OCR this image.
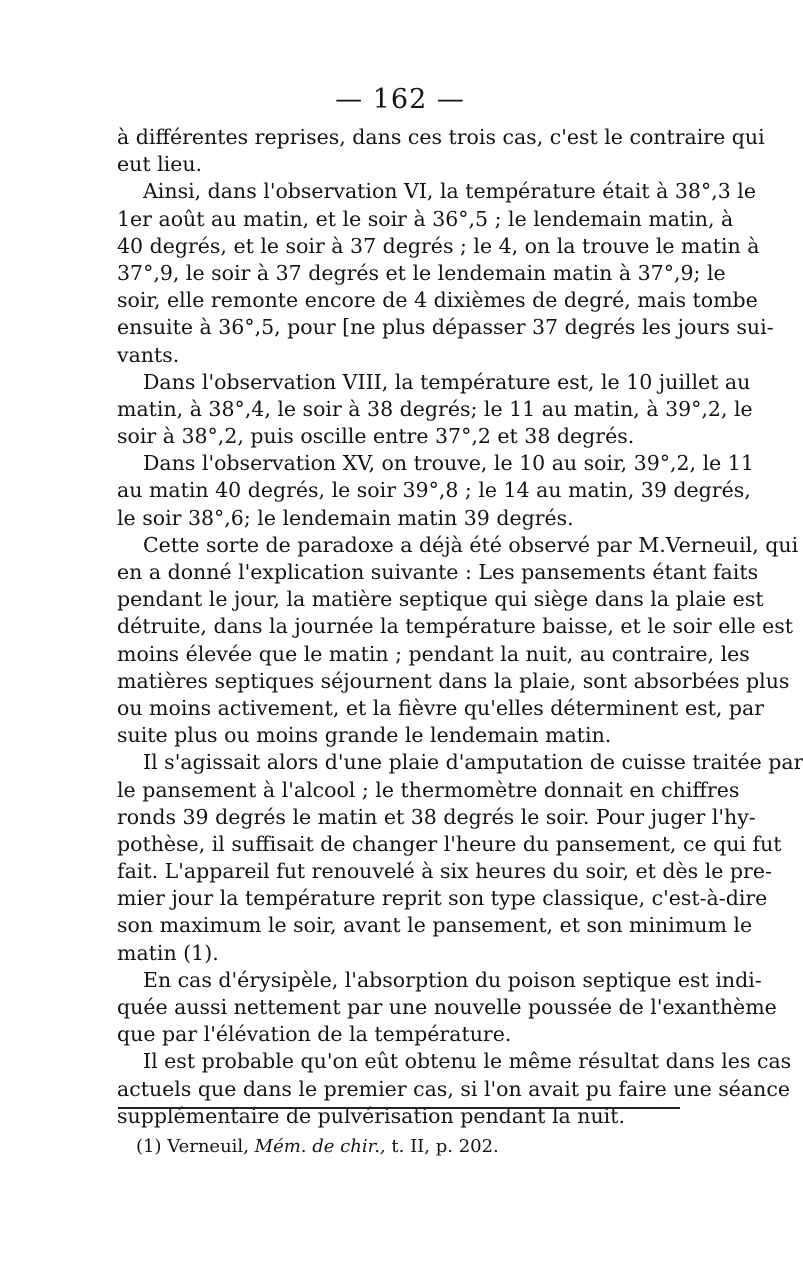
— 162 —
à différentes reprises, dans ces trois cas, c'est le contraire qui
eut lieu.
Ainsi, dans l'observation VI, la température était à 38°,3 le
1er août au matin, et le soir à 36°,5 ; le lendemain matin, à
40 degrés, et le soir à 37 degrés ; le 4, on la trouve le matin à
37°,9, le soir à 37 degrés et le lendemain matin à 37°,9; le
soir, elle remonte encore de 4 dixièmes de degré, mais tombe
ensuite à 36°,5, pour [ne plus dépasser 37 degrés les jours sui-
vants.
Dans l'observation VIII, la température est, le 10 juillet au
matin, à 38°,4, le soir à 38 degrés; le 11 au matin, à 39°,2, le
soir à 38°,2, puis oscille entre 37°,2 et 38 degrés.
Dans l'observation XV, on trouve, le 10 au soir, 39°,2, le 11
au matin 40 degrés, le soir 39°,8 ; le 14 au matin, 39 degrés,
le soir 38°,6; le lendemain matin 39 degrés.
Cette sorte de paradoxe a déjà été observé par M.Verneuil, qui
en a donné l'explication suivante : Les pansements étant faits
pendant le jour, la matière septique qui siège dans la plaie est
détruite, dans la journée la température baisse, et le soir elle est
moins élevée que le matin ; pendant la nuit, au contraire, les
matières septiques séjournent dans la plaie, sont absorbées plus
ou moins activement, et la fièvre qu'elles déterminent est, par
suite plus ou moins grande le lendemain matin.
Il s'agissait alors d'une plaie d'amputation de cuisse traitée par
le pansement à l'alcool ; le thermomètre donnait en chiffres
ronds 39 degrés le matin et 38 degrés le soir. Pour juger l'hy-
pothèse, il suffisait de changer l'heure du pansement, ce qui fut
fait. L'appareil fut renouvelé à six heures du soir, et dès le pre-
mier jour la température reprit son type classique, c'est-à-dire
son maximum le soir, avant le pansement, et son minimum le
matin (1).
En cas d'érysipèle, l'absorption du poison septique est indi-
quée aussi nettement par une nouvelle poussée de l'exanthème
que par l'élévation de la température.
Il est probable qu'on eût obtenu le même résultat dans les cas
actuels que dans le premier cas, si l'on avait pu faire une séance
supplémentaire de pulvérisation pendant la nuit.
(1) Verneuil, Mém. de chir., t. II, p. 202.
